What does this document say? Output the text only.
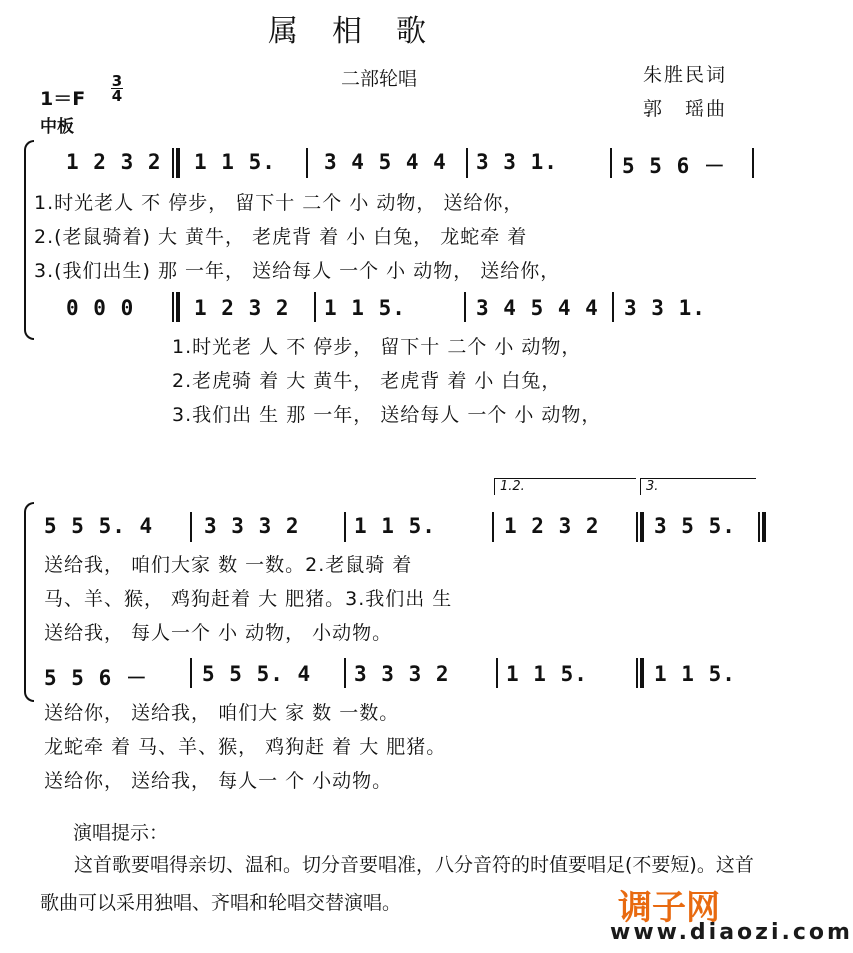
属相歌
二部轮唱	朱胜民词
郭　瑶曲
1＝F
3
4
中板
1 2 3 2 1 1 5. 3 4 5 4 4 3 3 1.	5 5 6 －
1.时光老人 不 停步， 留下十 二个 小 动物， 送给你，
2.(老鼠骑着) 大 黄牛， 老虎背 着 小 白兔， 龙蛇牵 着
3.(我们出生) 那 一年， 送给每人 一个 小 动物， 送给你，
0 0 0	1 2 3 2 1 1 5.	3 4 5 4 4 3 3 1.
1.时光老 人 不 停步， 留下十 二个 小 动物，
2.老虎骑 着 大 黄牛， 老虎背 着 小 白兔，
3.我们出 生 那 一年， 送给每人 一个 小 动物，
1.2.	3.
5 5 5. 4 3 3 3 2	1 1 5.	1 2 3 2	3 5 5.
送给我， 咱们大家 数 一数。2.老鼠骑 着
马、羊、猴， 鸡狗赶着 大 肥猪。3.我们出 生
送给我， 每人一个 小 动物， 小动物。
5 5 6 －	5 5 5. 4 3 3 3 2	1 1 5.	1 1 5.
送给你， 送给我， 咱们大 家 数 一数。
龙蛇牵 着 马、羊、猴， 鸡狗赶 着 大 肥猪。
送给你， 送给我， 每人一 个 小动物。
演唱提示：
这首歌要唱得亲切、温和。切分音要唱准，八分音符的时值要唱足(不要短)。这首歌曲可以采用独唱、齐唱和轮唱交替演唱。	调子网
www.diaozi.com
